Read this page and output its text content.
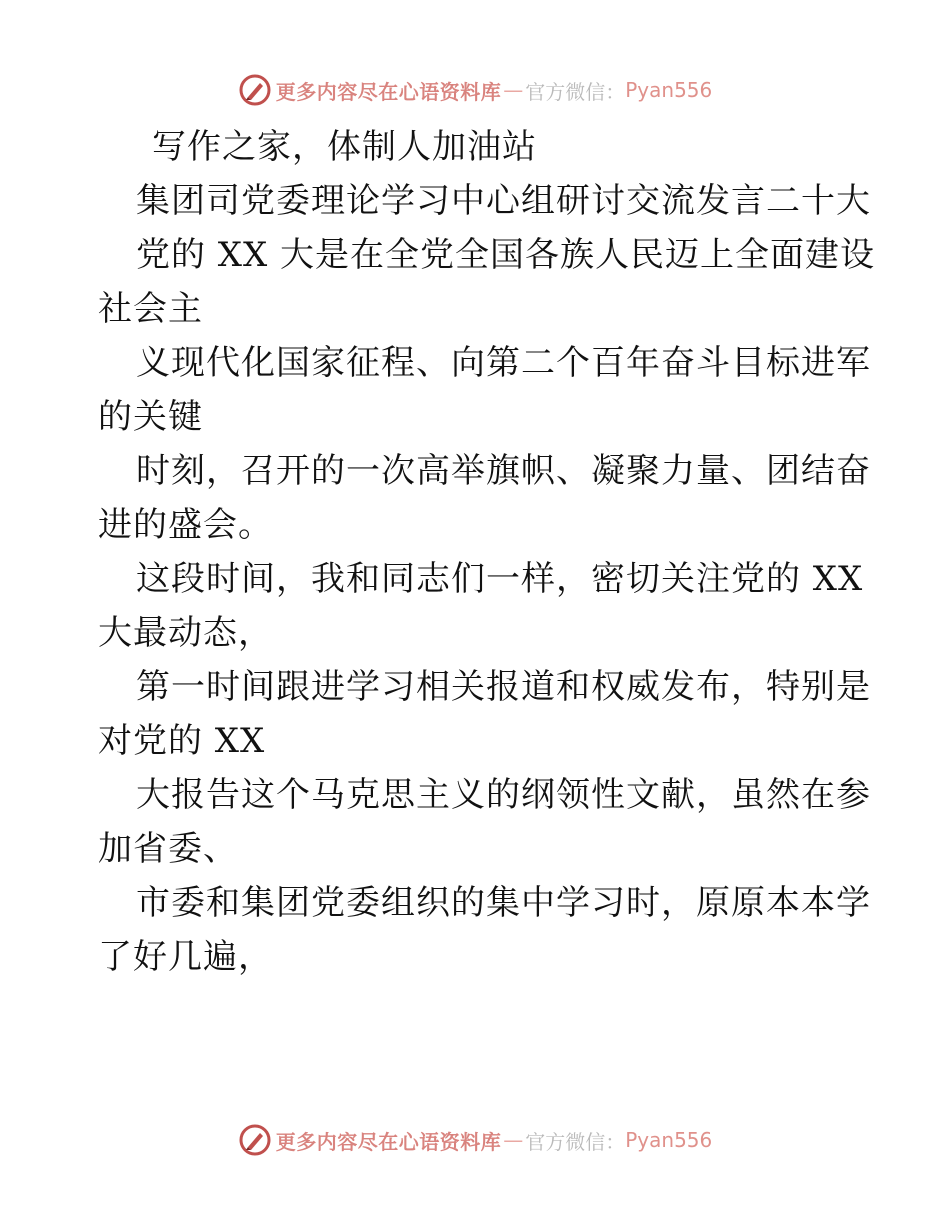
更多内容尽在心语资料库 — 官方微信： Pyan556
写作之家，体制人加油站
集团司党委理论学习中心组研讨交流发言二十大
党的 XX 大是在全党全国各族人民迈上全面建设
社会主
义现代化国家征程、向第二个百年奋斗目标进军
的关键
时刻，召开的一次高举旗帜、凝聚力量、团结奋
进的盛会。
这段时间，我和同志们一样，密切关注党的 XX
大最动态，
第一时间跟进学习相关报道和权威发布，特别是
对党的 XX
大报告这个马克思主义的纲领性文献，虽然在参
加省委、
市委和集团党委组织的集中学习时，原原本本学
了好几遍，
更多内容尽在心语资料库 — 官方微信： Pyan556
